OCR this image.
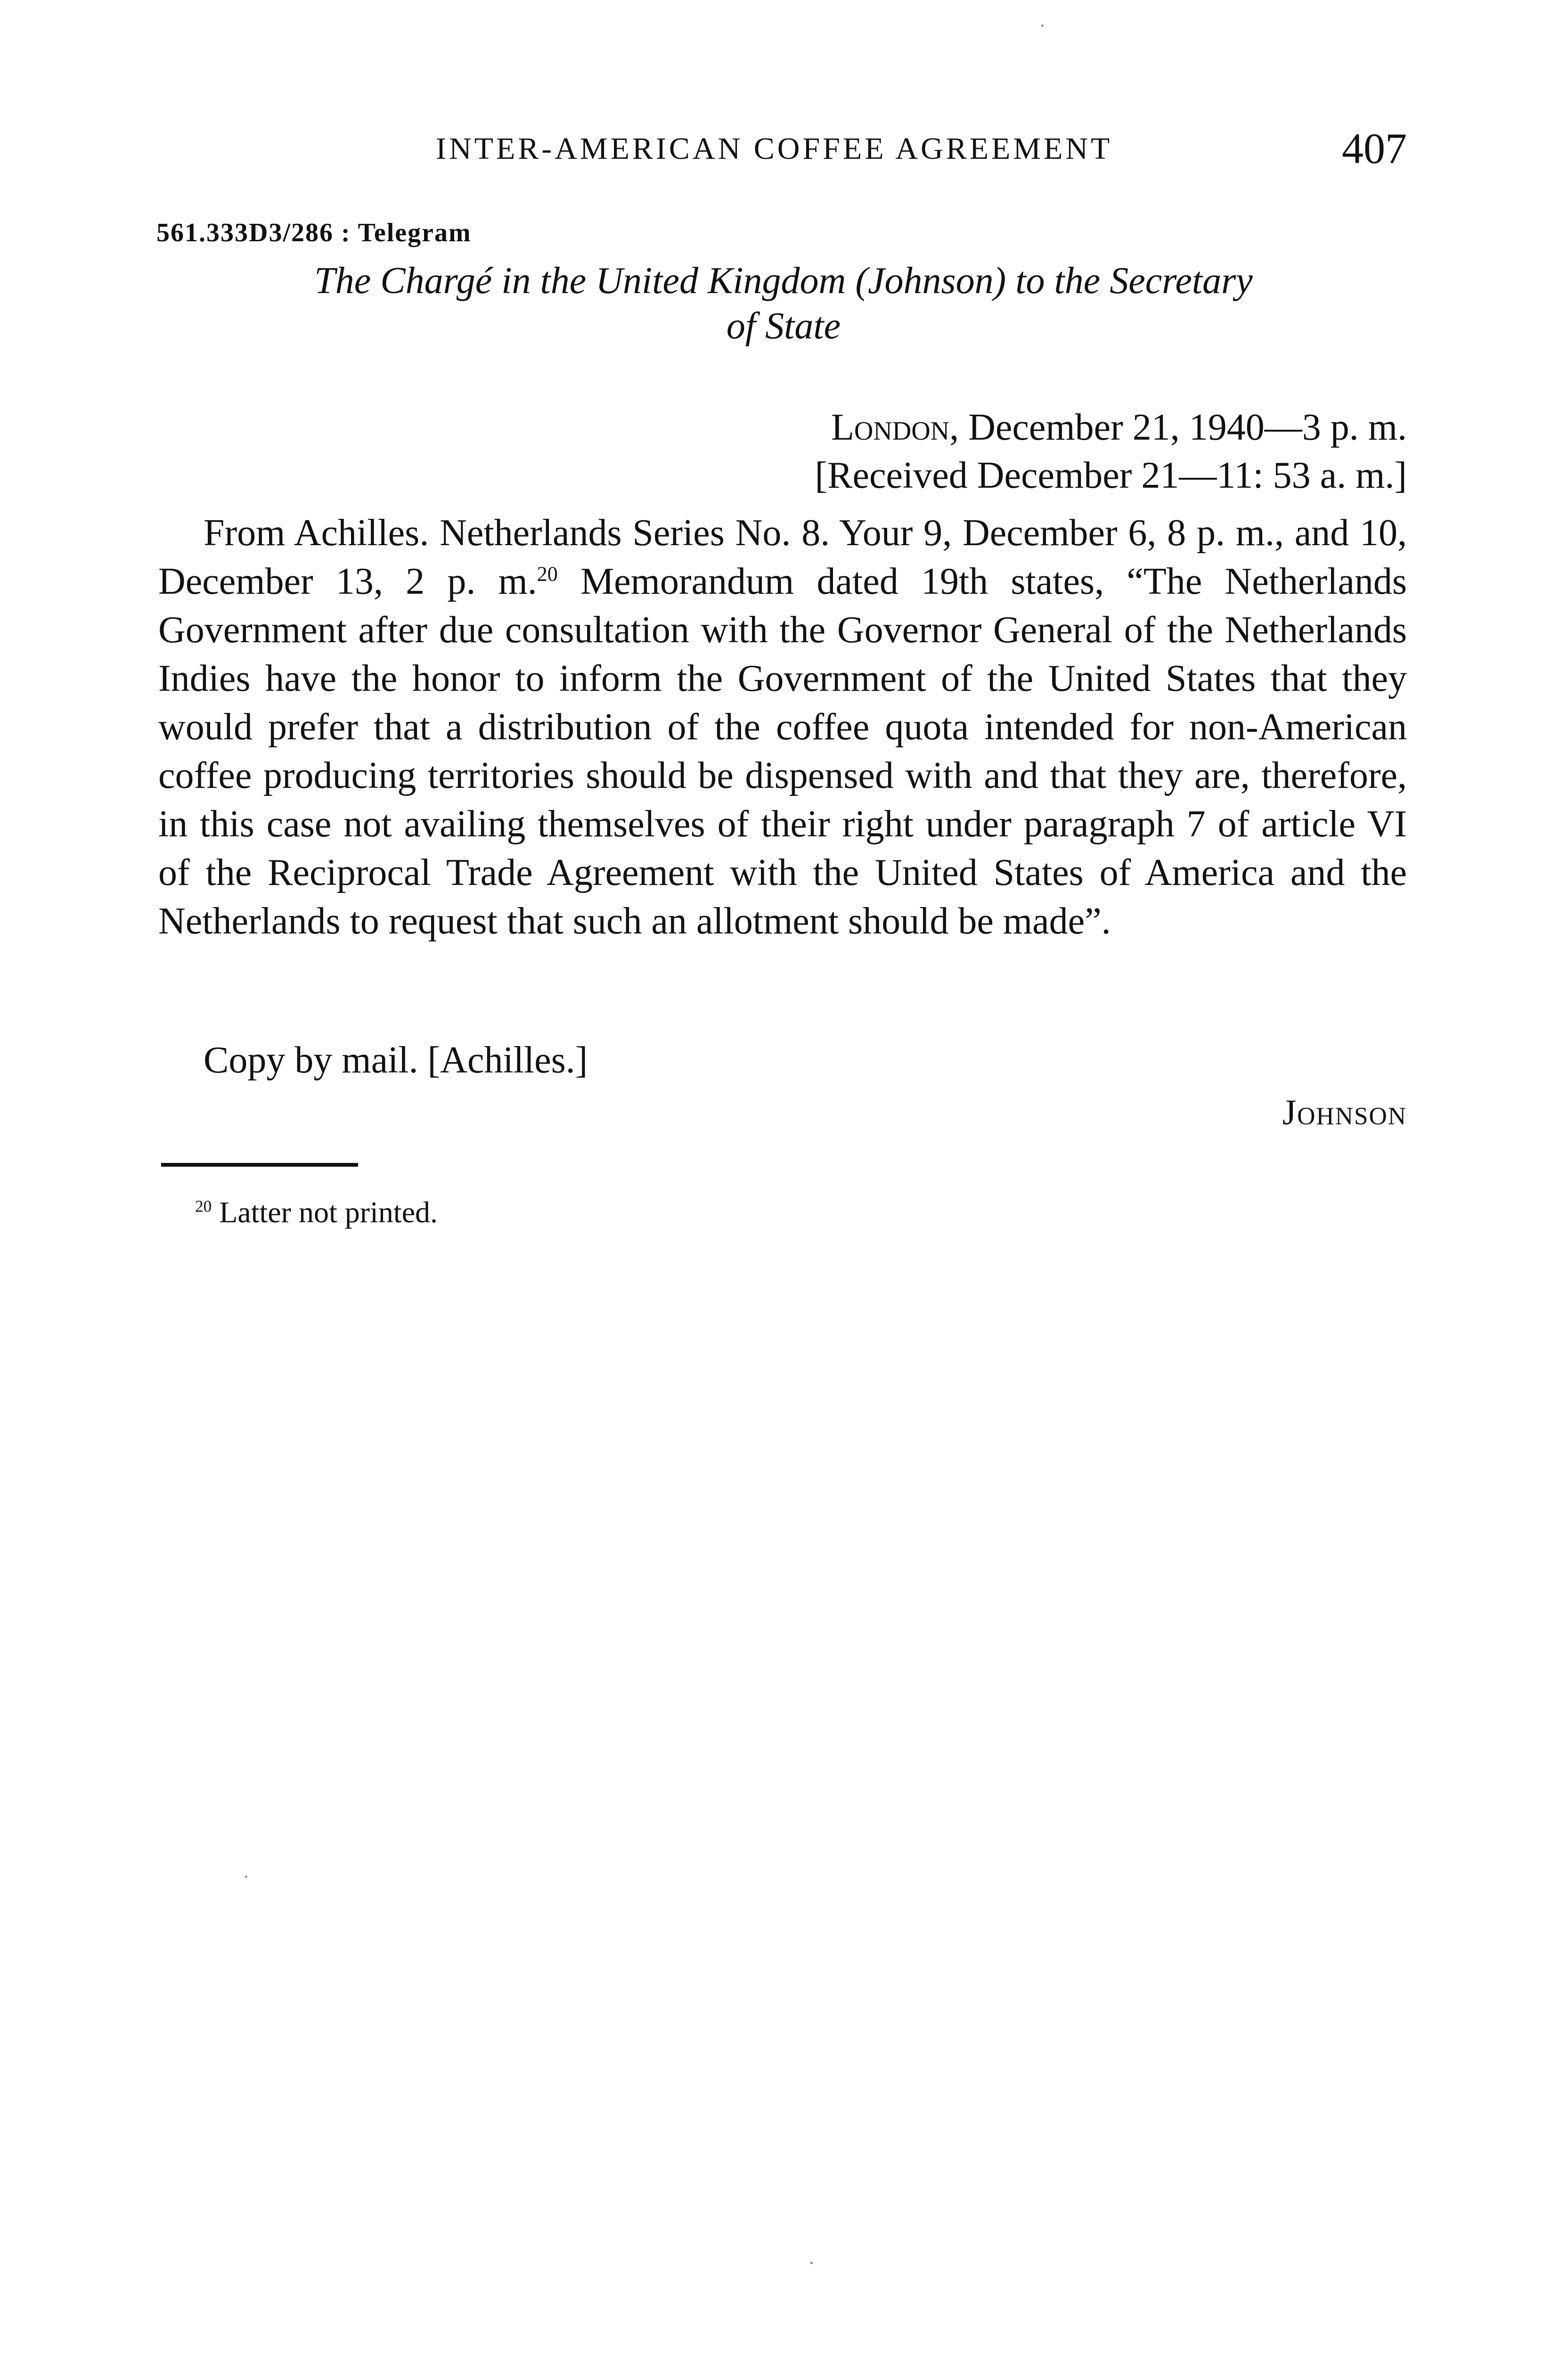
INTER-AMERICAN COFFEE AGREEMENT	407
561.333D3/286 : Telegram
The Chargé in the United Kingdom (Johnson) to the Secretary
of State
London, December 21, 1940—3 p. m.
[Received December 21—11: 53 a. m.]

From Achilles. Netherlands Series No. 8. Your 9, December 6, 8 p. m., and 10, December 13, 2 p. m.$^{20}$ Memorandum dated 19th states, “The Netherlands Government after due consultation with the Governor General of the Netherlands Indies have the honor to inform the Government of the United States that they would prefer that a distribution of the coffee quota intended for non-American coffee producing territories should be dispensed with and that they are, therefore, in this case not availing themselves of their right under paragraph 7 of article VI of the Reciprocal Trade Agreement with the United States of America and the Netherlands to request that such an allotment should be made”.

Copy by mail. [Achilles.]
Johnson
$^{20}$ Latter not printed.
